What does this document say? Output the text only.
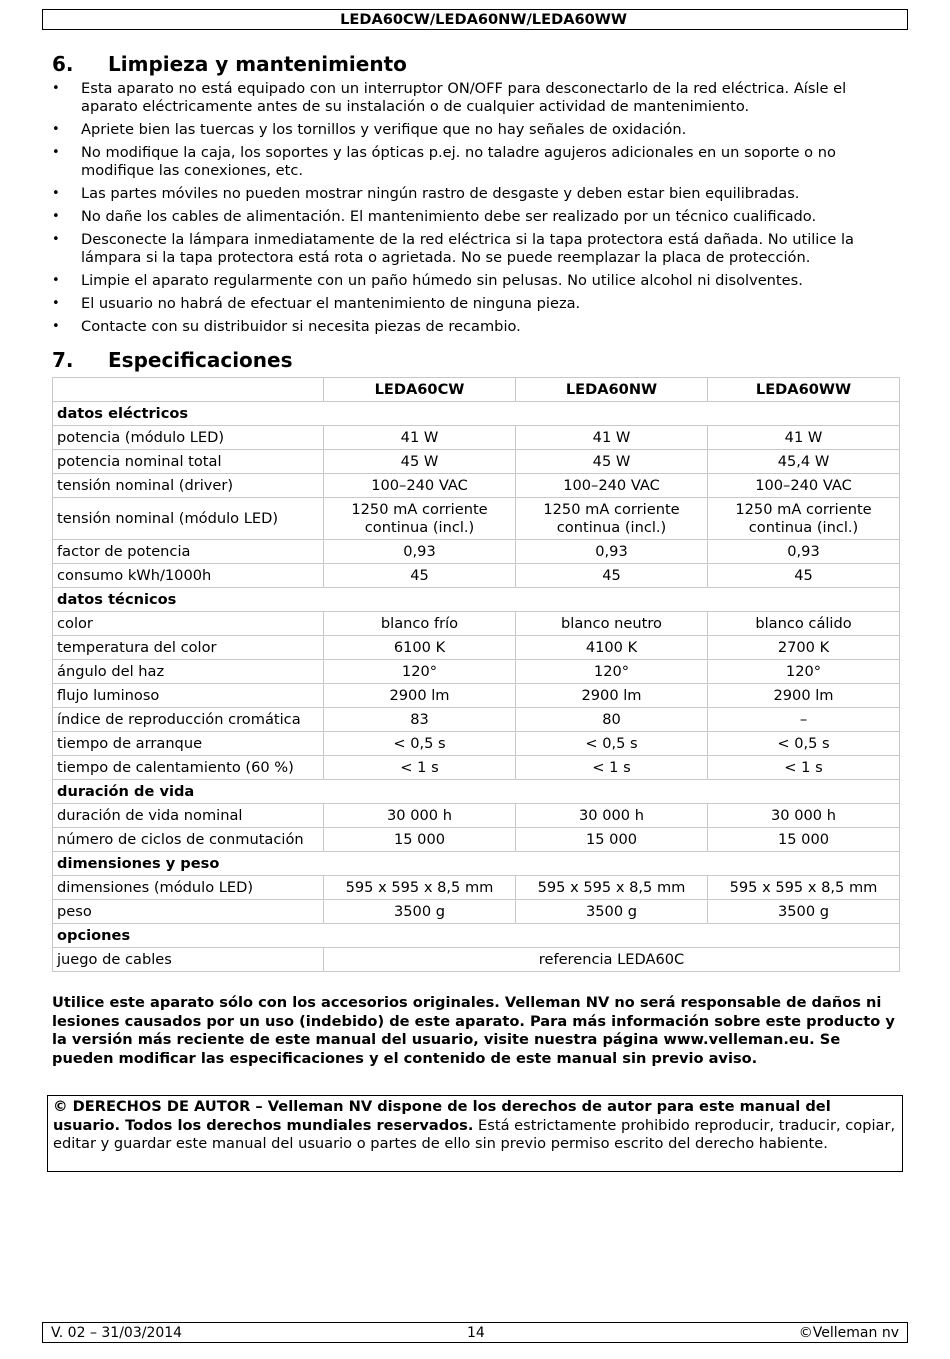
LEDA60CW/LEDA60NW/LEDA60WW
6. Limpieza y mantenimiento
• Esta aparato no está equipado con un interruptor ON/OFF para desconectarlo de la red eléctrica. Aísle el aparato eléctricamente antes de su instalación o de cualquier actividad de mantenimiento.
• Apriete bien las tuercas y los tornillos y verifique que no hay señales de oxidación.
• No modifique la caja, los soportes y las ópticas p.ej. no taladre agujeros adicionales en un soporte o no modifique las conexiones, etc.
• Las partes móviles no pueden mostrar ningún rastro de desgaste y deben estar bien equilibradas.
• No dañe los cables de alimentación. El mantenimiento debe ser realizado por un técnico cualificado.
• Desconecte la lámpara inmediatamente de la red eléctrica si la tapa protectora está dañada. No utilice la lámpara si la tapa protectora está rota o agrietada. No se puede reemplazar la placa de protección.
• Limpie el aparato regularmente con un paño húmedo sin pelusas. No utilice alcohol ni disolventes.
• El usuario no habrá de efectuar el mantenimiento de ninguna pieza.
• Contacte con su distribuidor si necesita piezas de recambio.
7. Especificaciones
	LEDA60CW	LEDA60NW	LEDA60WW
datos eléctricos			
potencia (módulo LED)	41 W	41 W	41 W
potencia nominal total	45 W	45 W	45,4 W
tensión nominal (driver)	100–240 VAC	100–240 VAC	100–240 VAC
tensión nominal (módulo LED)	1250 mA corriente continua (incl.)	1250 mA corriente continua (incl.)	1250 mA corriente continua (incl.)
factor de potencia	0,93	0,93	0,93
consumo kWh/1000h	45	45	45
datos técnicos			
color	blanco frío	blanco neutro	blanco cálido
temperatura del color	6100 K	4100 K	2700 K
ángulo del haz	120°	120°	120°
flujo luminoso	2900 lm	2900 lm	2900 lm
índice de reproducción cromática	83	80	–
tiempo de arranque	< 0,5 s	< 0,5 s	< 0,5 s
tiempo de calentamiento (60 %)	< 1 s	< 1 s	< 1 s
duración de vida			
duración de vida nominal	30 000 h	30 000 h	30 000 h
número de ciclos de conmutación	15 000	15 000	15 000
dimensiones y peso			
dimensiones (módulo LED)	595 x 595 x 8,5 mm	595 x 595 x 8,5 mm	595 x 595 x 8,5 mm
peso	3500 g	3500 g	3500 g
opciones			
juego de cables	referencia LEDA60C		
Utilice este aparato sólo con los accesorios originales. Velleman NV no será responsable de daños ni lesiones causados por un uso (indebido) de este aparato. Para más información sobre este producto y la versión más reciente de este manual del usuario, visite nuestra página www.velleman.eu. Se pueden modificar las especificaciones y el contenido de este manual sin previo aviso.
© DERECHOS DE AUTOR – Velleman NV dispone de los derechos de autor para este manual del usuario. Todos los derechos mundiales reservados. Está estrictamente prohibido reproducir, traducir, copiar, editar y guardar este manual del usuario o partes de ello sin previo permiso escrito del derecho habiente.
V. 02 – 31/03/2014	14	©Velleman nv
